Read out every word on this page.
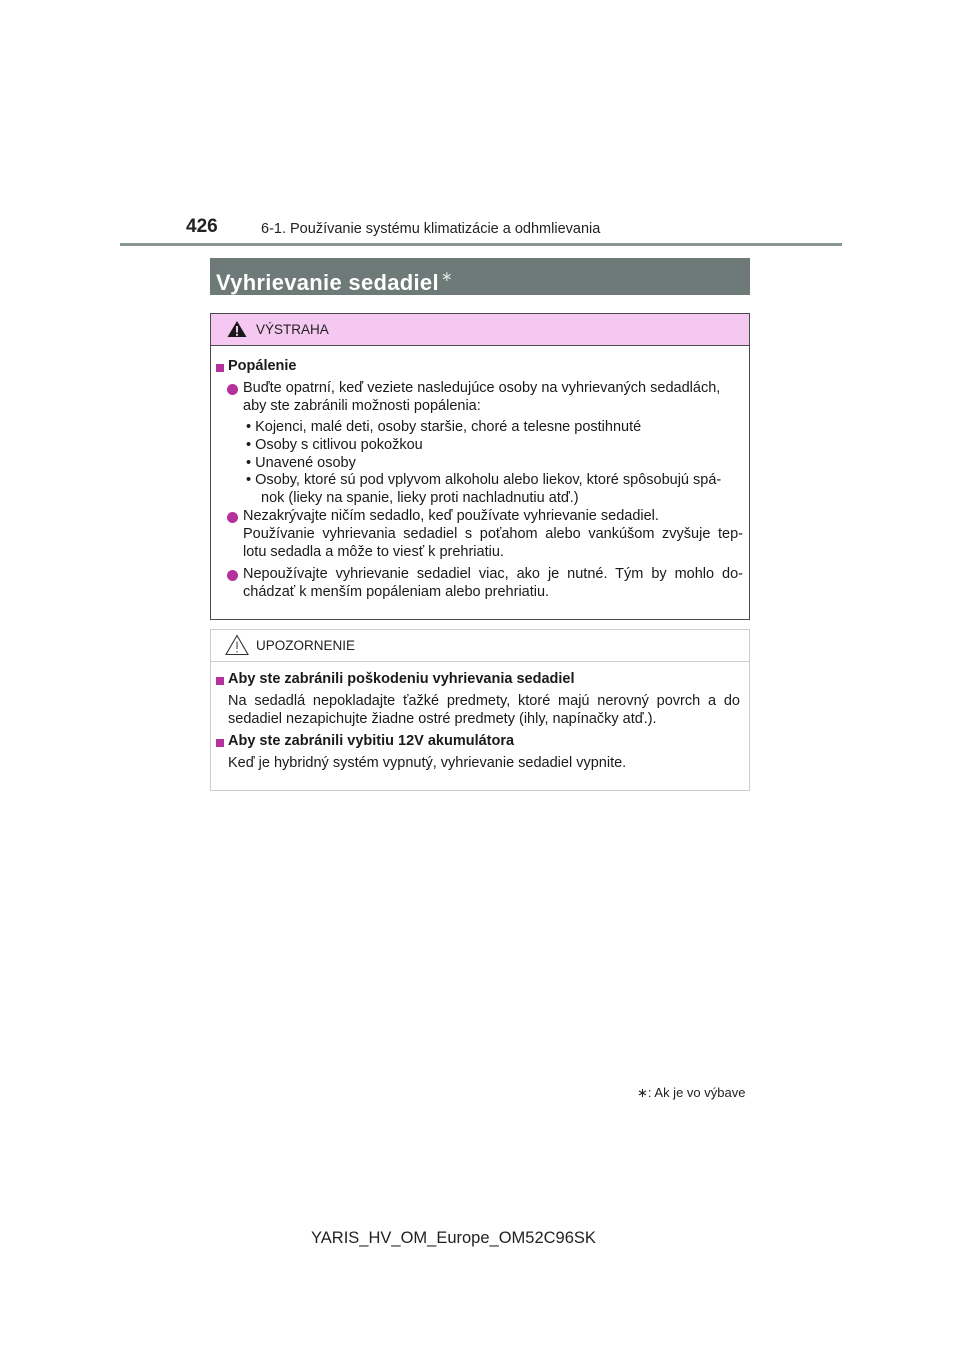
426	6-1. Používanie systému klimatizácie a odhmlievania
Vyhrievanie sedadiel ∗
VÝSTRAHA
Popálenie
Buďte opatrní, keď veziete nasledujúce osoby na vyhrievaných sedadlách,
aby ste zabránili možnosti popálenia:
• Kojenci, malé deti, osoby staršie, choré a telesne postihnuté
• Osoby s citlivou pokožkou
• Unavené osoby
• Osoby, ktoré sú pod vplyvom alkoholu alebo liekov, ktoré spôsobujú spá-
nok (lieky na spanie, lieky proti nachladnutiu atď.)
Nezakrývajte ničím sedadlo, keď používate vyhrievanie sedadiel.
Používanie vyhrievania sedadiel s poťahom alebo vankúšom zvyšuje tep-
lotu sedadla a môže to viesť k prehriatiu.
Nepoužívajte vyhrievanie sedadiel viac, ako je nutné. Tým by mohlo do-
chádzať k menším popáleniam alebo prehriatiu.
UPOZORNENIE
Aby ste zabránili poškodeniu vyhrievania sedadiel
Na sedadlá nepokladajte ťažké predmety, ktoré majú nerovný povrch a do
sedadiel nezapichujte žiadne ostré predmety (ihly, napínačky atď.).
Aby ste zabránili vybitiu 12V akumulátora
Keď je hybridný systém vypnutý, vyhrievanie sedadiel vypnite.
∗: Ak je vo výbave
YARIS_HV_OM_Europe_OM52C96SK
